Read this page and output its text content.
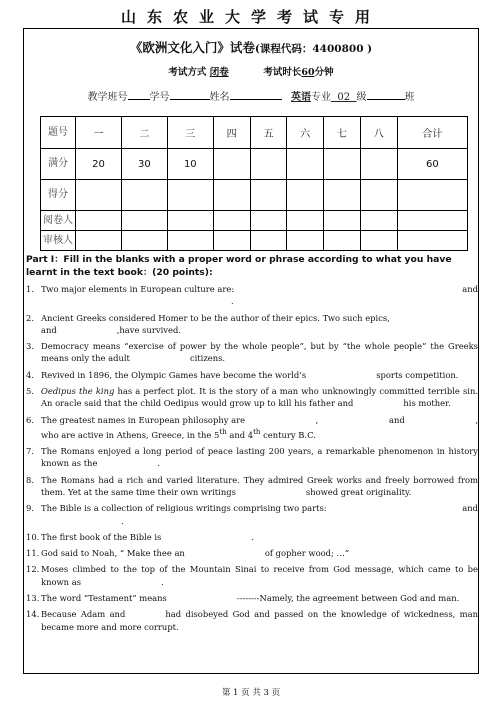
山东农业大学考试专用
《欧洲文化入门》试卷(课程代码：4400800 )
考试方式 闭卷	考试时长60分钟
教学班号 学号	姓名	英语专业 02 级	班
题号	一	二	三	四	五	六	七	八	合计
满分	20	30	10						60
得分									
阅卷人									
审核人									
Part I：Fill in the blanks with a proper word or phrase according to what you have learnt in the text book：(20 points):
1. Two major elements in European culture are:	and
.
2. Ancient Greeks considered Homer to be the author of their epics. Two such epics,
and	,have survived.
3. Democracy means “exercise of power by the whole people”, but by “the whole people” the Greeks means only the adult	citizens.
4. Revived in 1896, the Olympic Games have become the world’s	sports competition.
5. Oedipus the king has a perfect plot. It is the story of a man who unknowingly committed terrible sin. An oracle said that the child Oedipus would grow up to kill his father and	his mother.
6. The greatest names in European philosophy are	,	and	,
who are active in Athens, Greece, in the 5th and 4th century B.C.
7. The Romans enjoyed a long period of peace lasting 200 years, a remarkable phenomenon in history known as the	.
8. The Romans had a rich and varied literature. They admired Greek works and freely borrowed from them. Yet at the same time their own writings	showed great originality.
9. The Bible is a collection of religious writings comprising two parts:	and
.
10. The first book of the Bible is	.
11. God said to Noah, “ Make thee an	of gopher wood; …”
12. Moses climbed to the top of the Mountain Sinai to receive from God message, which came to be known as	.
13. The word “Testament” means	--------Namely, the agreement between God and man.
14. Because Adam and	had disobeyed God and passed on the knowledge of wickedness, man became more and more corrupt.
第 1 页 共 3 页
